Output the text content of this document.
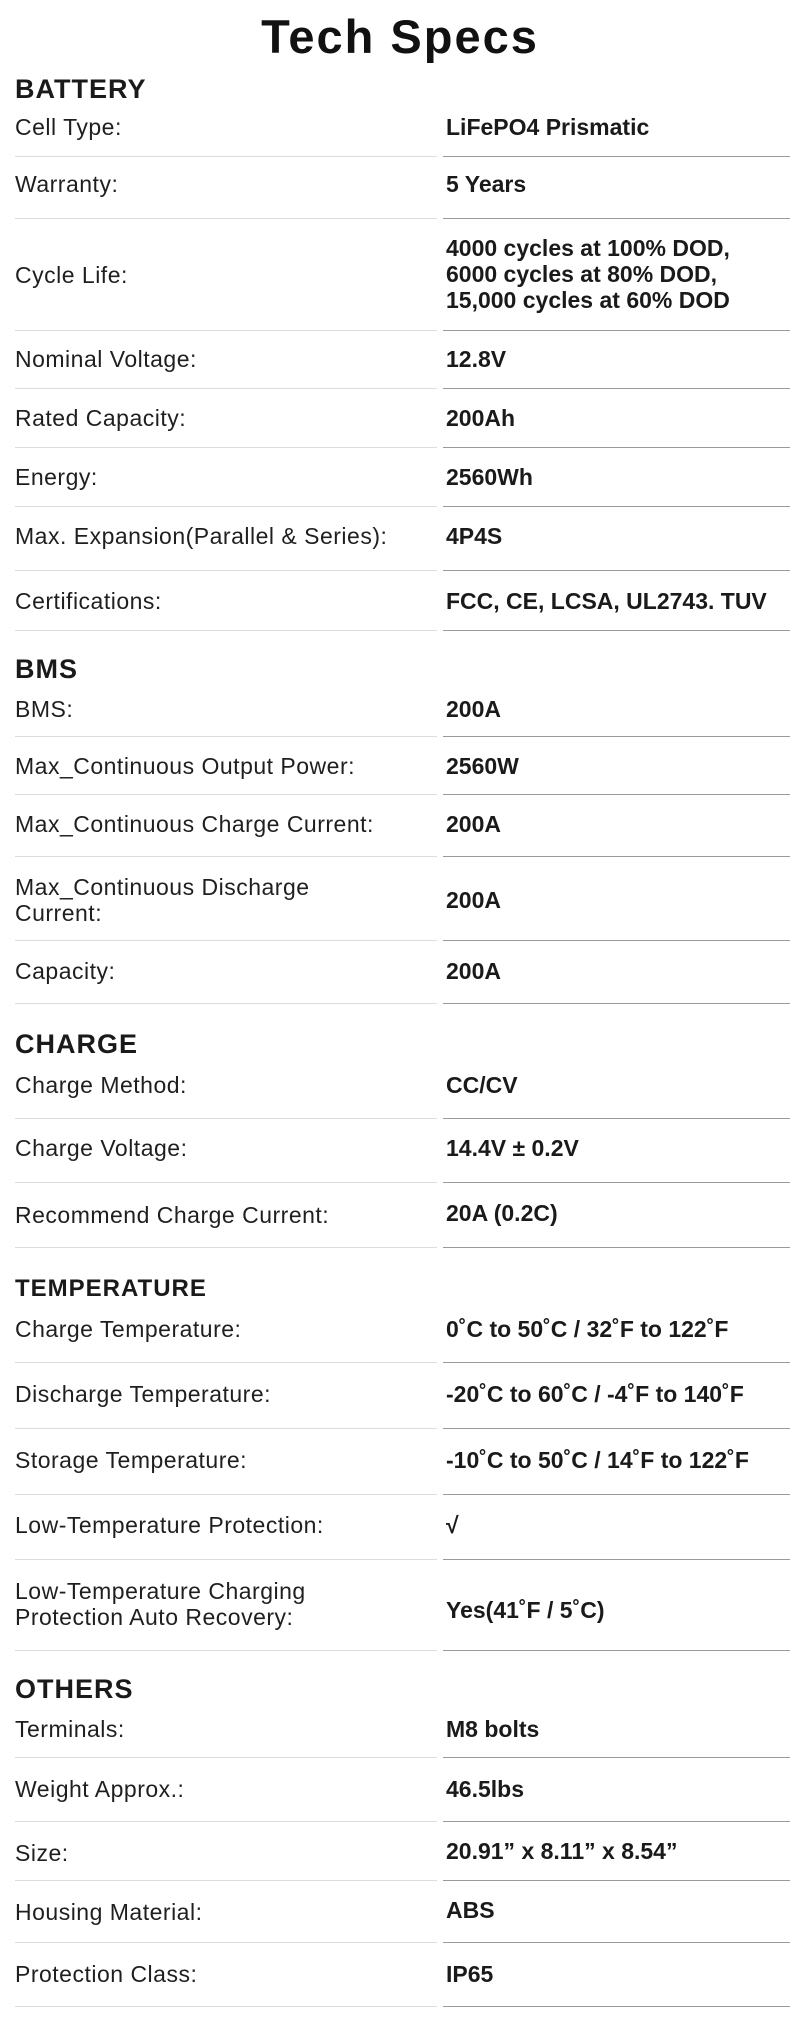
Tech Specs
BATTERY
Cell Type:	LiFePO4 Prismatic
Warranty:	5 Years
Cycle Life:
4000 cycles at 100% DOD,
6000 cycles at 80% DOD,
15,000 cycles at 60% DOD
Nominal Voltage:	12.8V
Rated Capacity:	200Ah
Energy:	2560Wh
Max. Expansion(Parallel & Series):	4P4S
Certifications:	FCC, CE, LCSA, UL2743. TUV
BMS
BMS:	200A
Max_Continuous Output Power:	2560W
Max_Continuous Charge Current:	200A
Max_Continuous Discharge
Current:	200A
Capacity:	200A
CHARGE
Charge Method:	CC/CV
Charge Voltage:	14.4V ± 0.2V
Recommend Charge Current:	20A (0.2C)
TEMPERATURE
Charge Temperature:	0˚C to 50˚C / 32˚F to 122˚F
Discharge Temperature:	-20˚C to 60˚C / -4˚F to 140˚F
Storage Temperature:	-10˚C to 50˚C / 14˚F to 122˚F
Low-Temperature Protection:	√
Low-Temperature Charging
Protection Auto Recovery:	Yes(41˚F / 5˚C)
OTHERS
Terminals:	M8 bolts
Weight Approx.:	46.5lbs
Size:	20.91” x 8.11” x 8.54”
Housing Material:	ABS
Protection Class:	IP65
